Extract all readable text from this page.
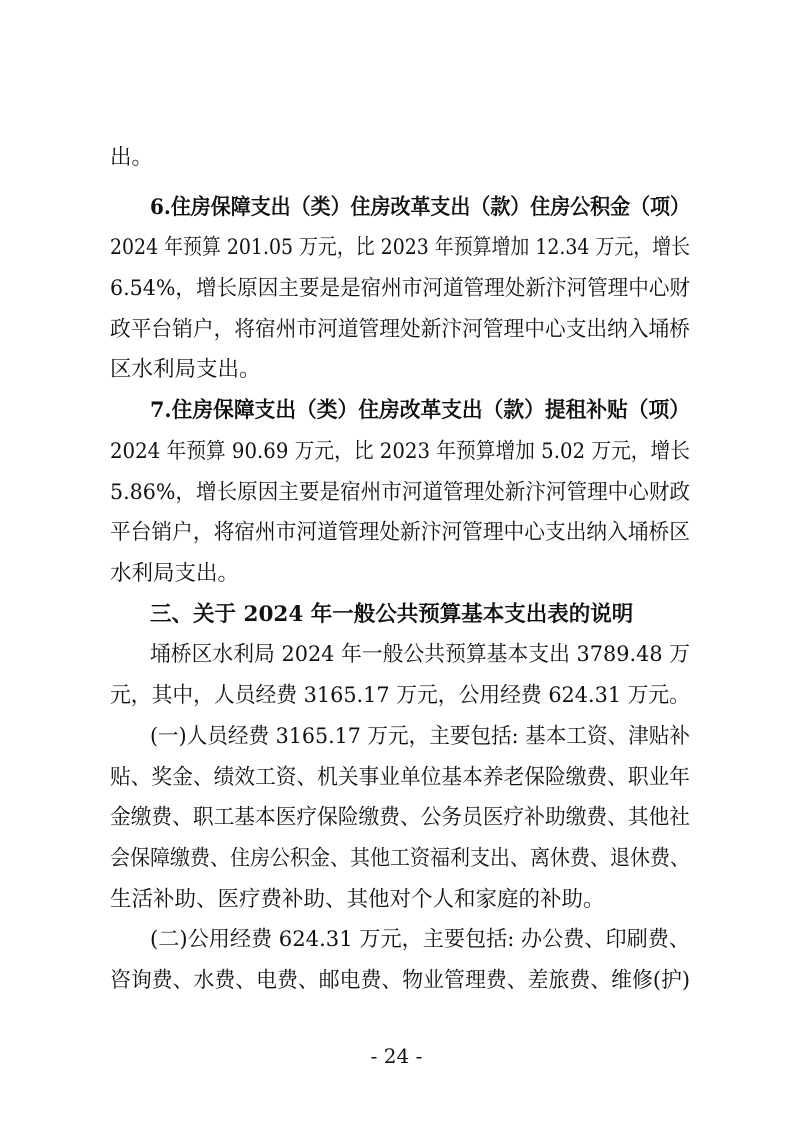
出。
6.住房保障支出（类）住房改革支出（款）住房公积金（项）
2024 年预算 201.05 万元，比 2023 年预算增加 12.34 万元，增长
6.54%，增长原因主要是是宿州市河道管理处新汴河管理中心财
政平台销户，将宿州市河道管理处新汴河管理中心支出纳入埇桥
区水利局支出。
7.住房保障支出（类）住房改革支出（款）提租补贴（项）
2024 年预算 90.69 万元，比 2023 年预算增加 5.02 万元，增长
5.86%，增长原因主要是宿州市河道管理处新汴河管理中心财政
平台销户，将宿州市河道管理处新汴河管理中心支出纳入埇桥区
水利局支出。
三、关于 2024 年一般公共预算基本支出表的说明
埇桥区水利局 2024 年一般公共预算基本支出 3789.48 万
元，其中，人员经费 3165.17 万元，公用经费 624.31 万元。
(一)人员经费 3165.17 万元，主要包括: 基本工资、津贴补
贴、奖金、绩效工资、机关事业单位基本养老保险缴费、职业年
金缴费、职工基本医疗保险缴费、公务员医疗补助缴费、其他社
会保障缴费、住房公积金、其他工资福利支出、离休费、退休费、
生活补助、医疗费补助、其他对个人和家庭的补助。
(二)公用经费 624.31 万元，主要包括: 办公费、印刷费、
咨询费、水费、电费、邮电费、物业管理费、差旅费、维修(护)
- 24 -
